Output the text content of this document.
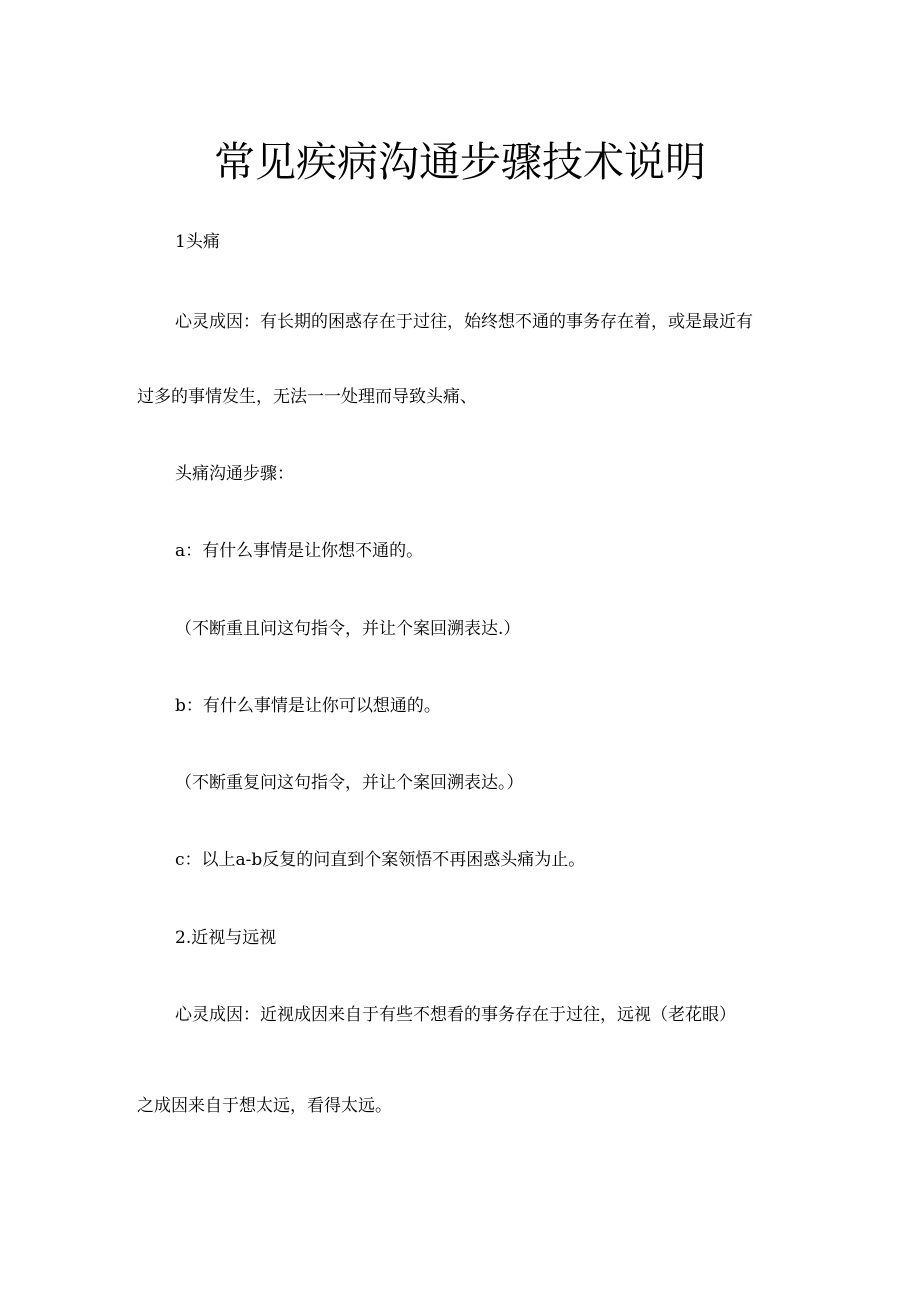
常见疾病沟通步骤技术说明

1头痛

心灵成因：有长期的困惑存在于过往，始终想不通的事务存在着，或是最近有

过多的事情发生，无法一一处理而导致头痛、

头痛沟通步骤：

a：有什么事情是让你想不通的。

（不断重且问这句指令，并让个案回溯表达.）

b：有什么事情是让你可以想通的。

（不断重复问这句指令，并让个案回溯表达。）

c：以上a-b反复的问直到个案领悟不再困惑头痛为止。

2.近视与远视

心灵成因：近视成因来自于有些不想看的事务存在于过往，远视（老花眼）

之成因来自于想太远，看得太远。
